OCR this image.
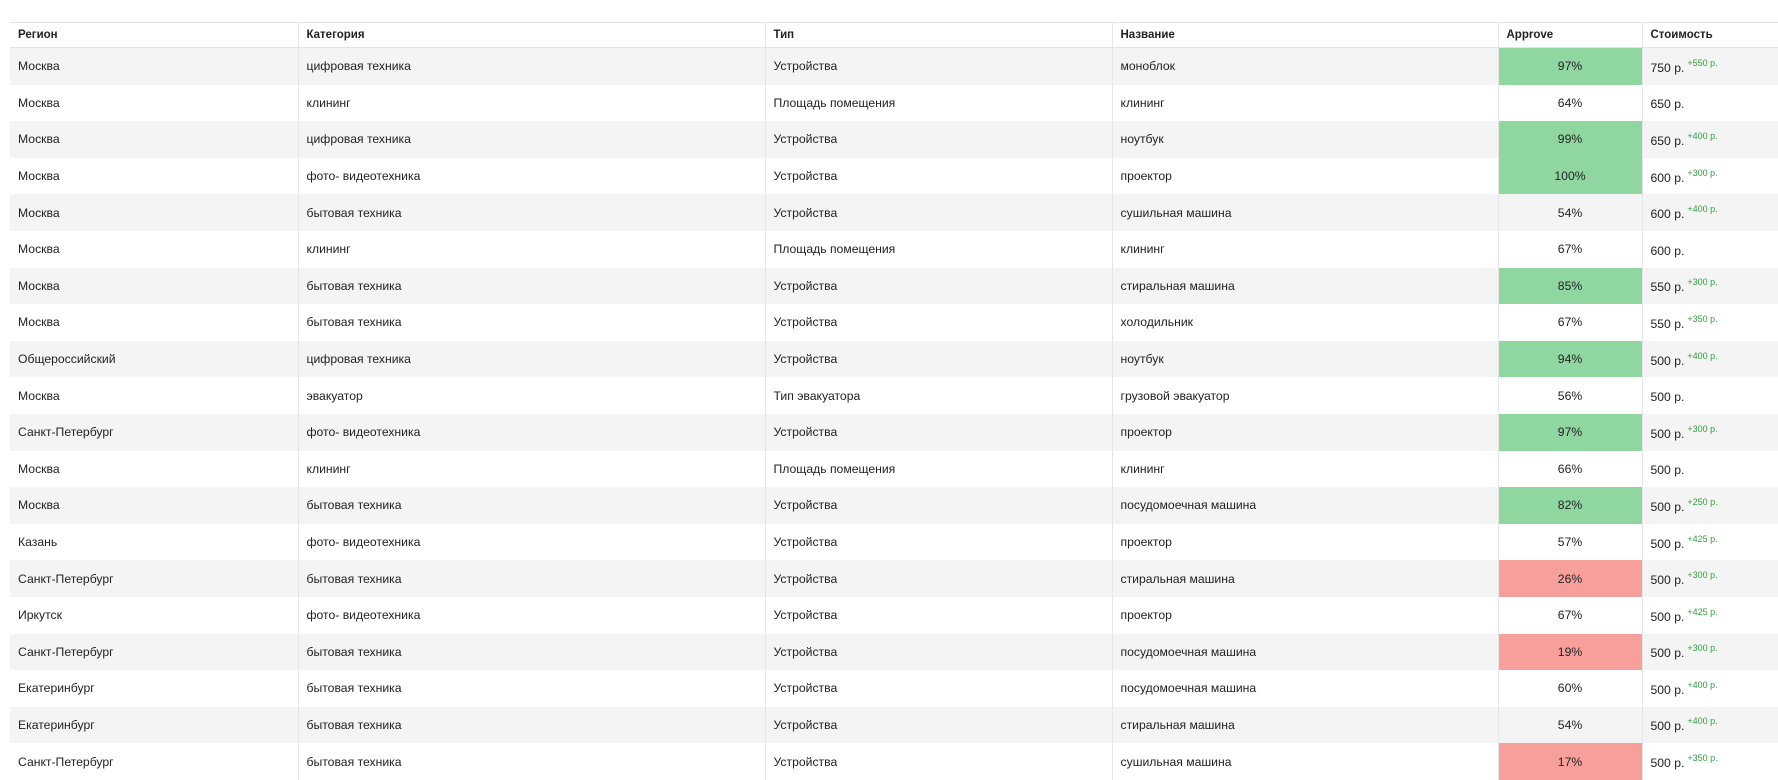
Регион	Категория	Тип	Название	Approve	Стоимость
Москва	цифровая техника	Устройства	моноблок	97%	750 р. $^{+550 р.}$
Москва	клининг	Площадь помещения	клининг	64%	650 р.
Москва	цифровая техника	Устройства	ноутбук	99%	650 р. $^{+400 р.}$
Москва	фото- видеотехника	Устройства	проектор	100%	600 р. $^{+300 р.}$
Москва	бытовая техника	Устройства	сушильная машина	54%	600 р. $^{+400 р.}$
Москва	клининг	Площадь помещения	клининг	67%	600 р.
Москва	бытовая техника	Устройства	стиральная машина	85%	550 р. $^{+300 р.}$
Москва	бытовая техника	Устройства	холодильник	67%	550 р. $^{+350 р.}$
Общероссийский	цифровая техника	Устройства	ноутбук	94%	500 р. $^{+400 р.}$
Москва	эвакуатор	Тип эвакуатора	грузовой эвакуатор	56%	500 р.
Санкт-Петербург	фото- видеотехника	Устройства	проектор	97%	500 р. $^{+300 р.}$
Москва	клининг	Площадь помещения	клининг	66%	500 р.
Москва	бытовая техника	Устройства	посудомоечная машина	82%	500 р. $^{+250 р.}$
Казань	фото- видеотехника	Устройства	проектор	57%	500 р. $^{+425 р.}$
Санкт-Петербург	бытовая техника	Устройства	стиральная машина	26%	500 р. $^{+300 р.}$
Иркутск	фото- видеотехника	Устройства	проектор	67%	500 р. $^{+425 р.}$
Санкт-Петербург	бытовая техника	Устройства	посудомоечная машина	19%	500 р. $^{+300 р.}$
Екатеринбург	бытовая техника	Устройства	посудомоечная машина	60%	500 р. $^{+400 р.}$
Екатеринбург	бытовая техника	Устройства	стиральная машина	54%	500 р. $^{+400 р.}$
Санкт-Петербург	бытовая техника	Устройства	сушильная машина	17%	500 р. $^{+350 р.}$
